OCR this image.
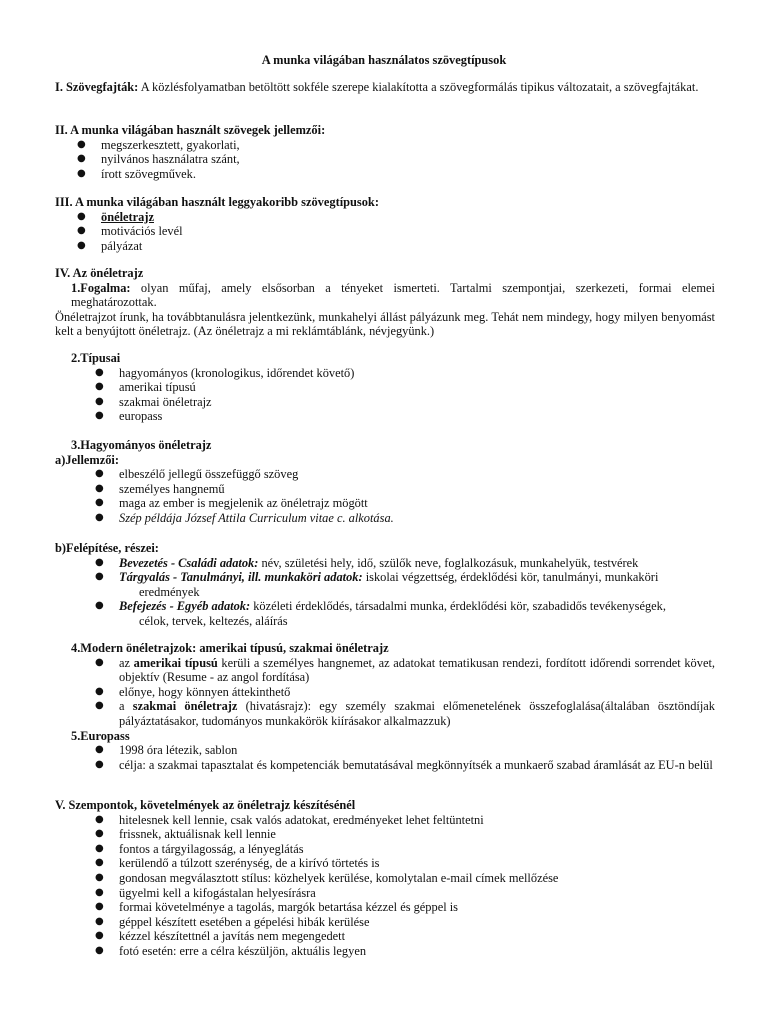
A munka világában használatos szövegtípusok
I. Szövegfajták: A közlésfolyamatban betöltött sokféle szerepe kialakította a szövegformálás tipikus változatait, a szövegfajtákat.
II. A munka világában használt szövegek jellemzői:
● megszerkesztett, gyakorlati,
● nyilvános használatra szánt,
● írott szövegművek.
III. A munka világában használt leggyakoribb szövegtípusok:
● önéletrajz
● motivációs levél
● pályázat
IV. Az önéletrajz
1.Fogalma: olyan műfaj, amely elsősorban a tényeket ismerteti. Tartalmi szempontjai, szerkezeti, formai elemei meghatározottak.
Önéletrajzot írunk, ha továbbtanulásra jelentkezünk, munkahelyi állást pályázunk meg. Tehát nem mindegy, hogy milyen benyomást kelt a benyújtott önéletrajz. (Az önéletrajz a mi reklámtáblánk, névjegyünk.)
2.Típusai
● hagyományos (kronologikus, időrendet követő)
● amerikai típusú
● szakmai önéletrajz
● europass
3.Hagyományos önéletrajz
a)Jellemzői:
● elbeszélő jellegű összefüggő szöveg
● személyes hangnemű
● maga az ember is megjelenik az önéletrajz mögött
● Szép példája József Attila Curriculum vitae c. alkotása.
b)Felépítése, részei:
● Bevezetés - Családi adatok: név, születési hely, idő, szülők neve, foglalkozásuk, munkahelyük, testvérek
● Tárgyalás - Tanulmányi, ill. munkaköri adatok: iskolai végzettség, érdeklődési kör, tanulmányi, munkaköri
eredmények
● Befejezés - Egyéb adatok: közéleti érdeklődés, társadalmi munka, érdeklődési kör, szabadidős tevékenységek,
célok, tervek, keltezés, aláírás
4.Modern önéletrajzok: amerikai típusú, szakmai önéletrajz
● az amerikai típusú kerüli a személyes hangnemet, az adatokat tematikusan rendezi, fordított időrendi sorrendet követ, objektív (Resume - az angol fordítása)
● előnye, hogy könnyen áttekinthető
● a szakmai önéletrajz (hivatásrajz): egy személy szakmai előmenetelének összefoglalása(általában ösztöndíjak pályáztatásakor, tudományos munkakörök kiírásakor alkalmazzuk)
5.Europass
● 1998 óra létezik, sablon
● célja: a szakmai tapasztalat és kompetenciák bemutatásával megkönnyítsék a munkaerő szabad áramlását az EU-n belül
V. Szempontok, követelmények az önéletrajz készítésénél
● hitelesnek kell lennie, csak valós adatokat, eredményeket lehet feltüntetni
● frissnek, aktuálisnak kell lennie
● fontos a tárgyilagosság, a lényeglátás
● kerülendő a túlzott szerénység, de a kirívó törtetés is
● gondosan megválasztott stílus: közhelyek kerülése, komolytalan e-mail címek mellőzése
● ügyelmi kell a kifogástalan helyesírásra
● formai követelménye a tagolás, margók betartása kézzel és géppel is
● géppel készített esetében a gépelési hibák kerülése
● kézzel készítettnél a javítás nem megengedett
● fotó esetén: erre a célra készüljön, aktuális legyen
